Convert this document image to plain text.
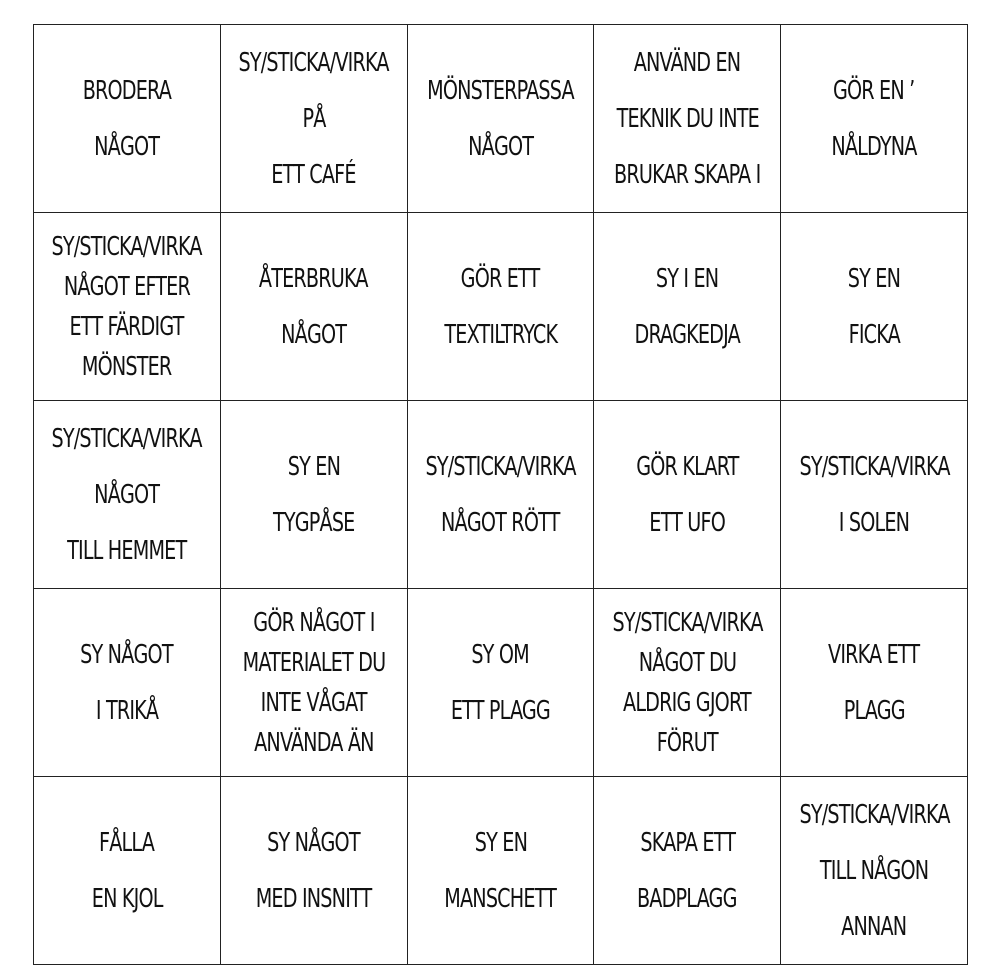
BRODERA
NÅGOT
SY/STICKA/VIRKA
PÅ
ETT CAFÉ
MÖNSTERPASSA
NÅGOT
ANVÄND EN
TEKNIK DU INTE
BRUKAR SKAPA I
GÖR EN ’
NÅLDYNA
SY/STICKA/VIRKA
NÅGOT EFTER
ETT FÄRDIGT
MÖNSTER
ÅTERBRUKA
NÅGOT
GÖR ETT
TEXTILTRYCK
SY I EN
DRAGKEDJA
SY EN
FICKA
SY/STICKA/VIRKA
NÅGOT
TILL HEMMET
SY EN
TYGPÅSE
SY/STICKA/VIRKA
NÅGOT RÖTT
GÖR KLART
ETT UFO
SY/STICKA/VIRKA
I SOLEN
SY NÅGOT
I TRIKÅ
GÖR NÅGOT I
MATERIALET DU
INTE VÅGAT
ANVÄNDA ÄN
SY OM
ETT PLAGG
SY/STICKA/VIRKA
NÅGOT DU
ALDRIG GJORT
FÖRUT
VIRKA ETT
PLAGG
FÅLLA
EN KJOL
SY NÅGOT
MED INSNITT
SY EN
MANSCHETT
SKAPA ETT
BADPLAGG
SY/STICKA/VIRKA
TILL NÅGON
ANNAN
